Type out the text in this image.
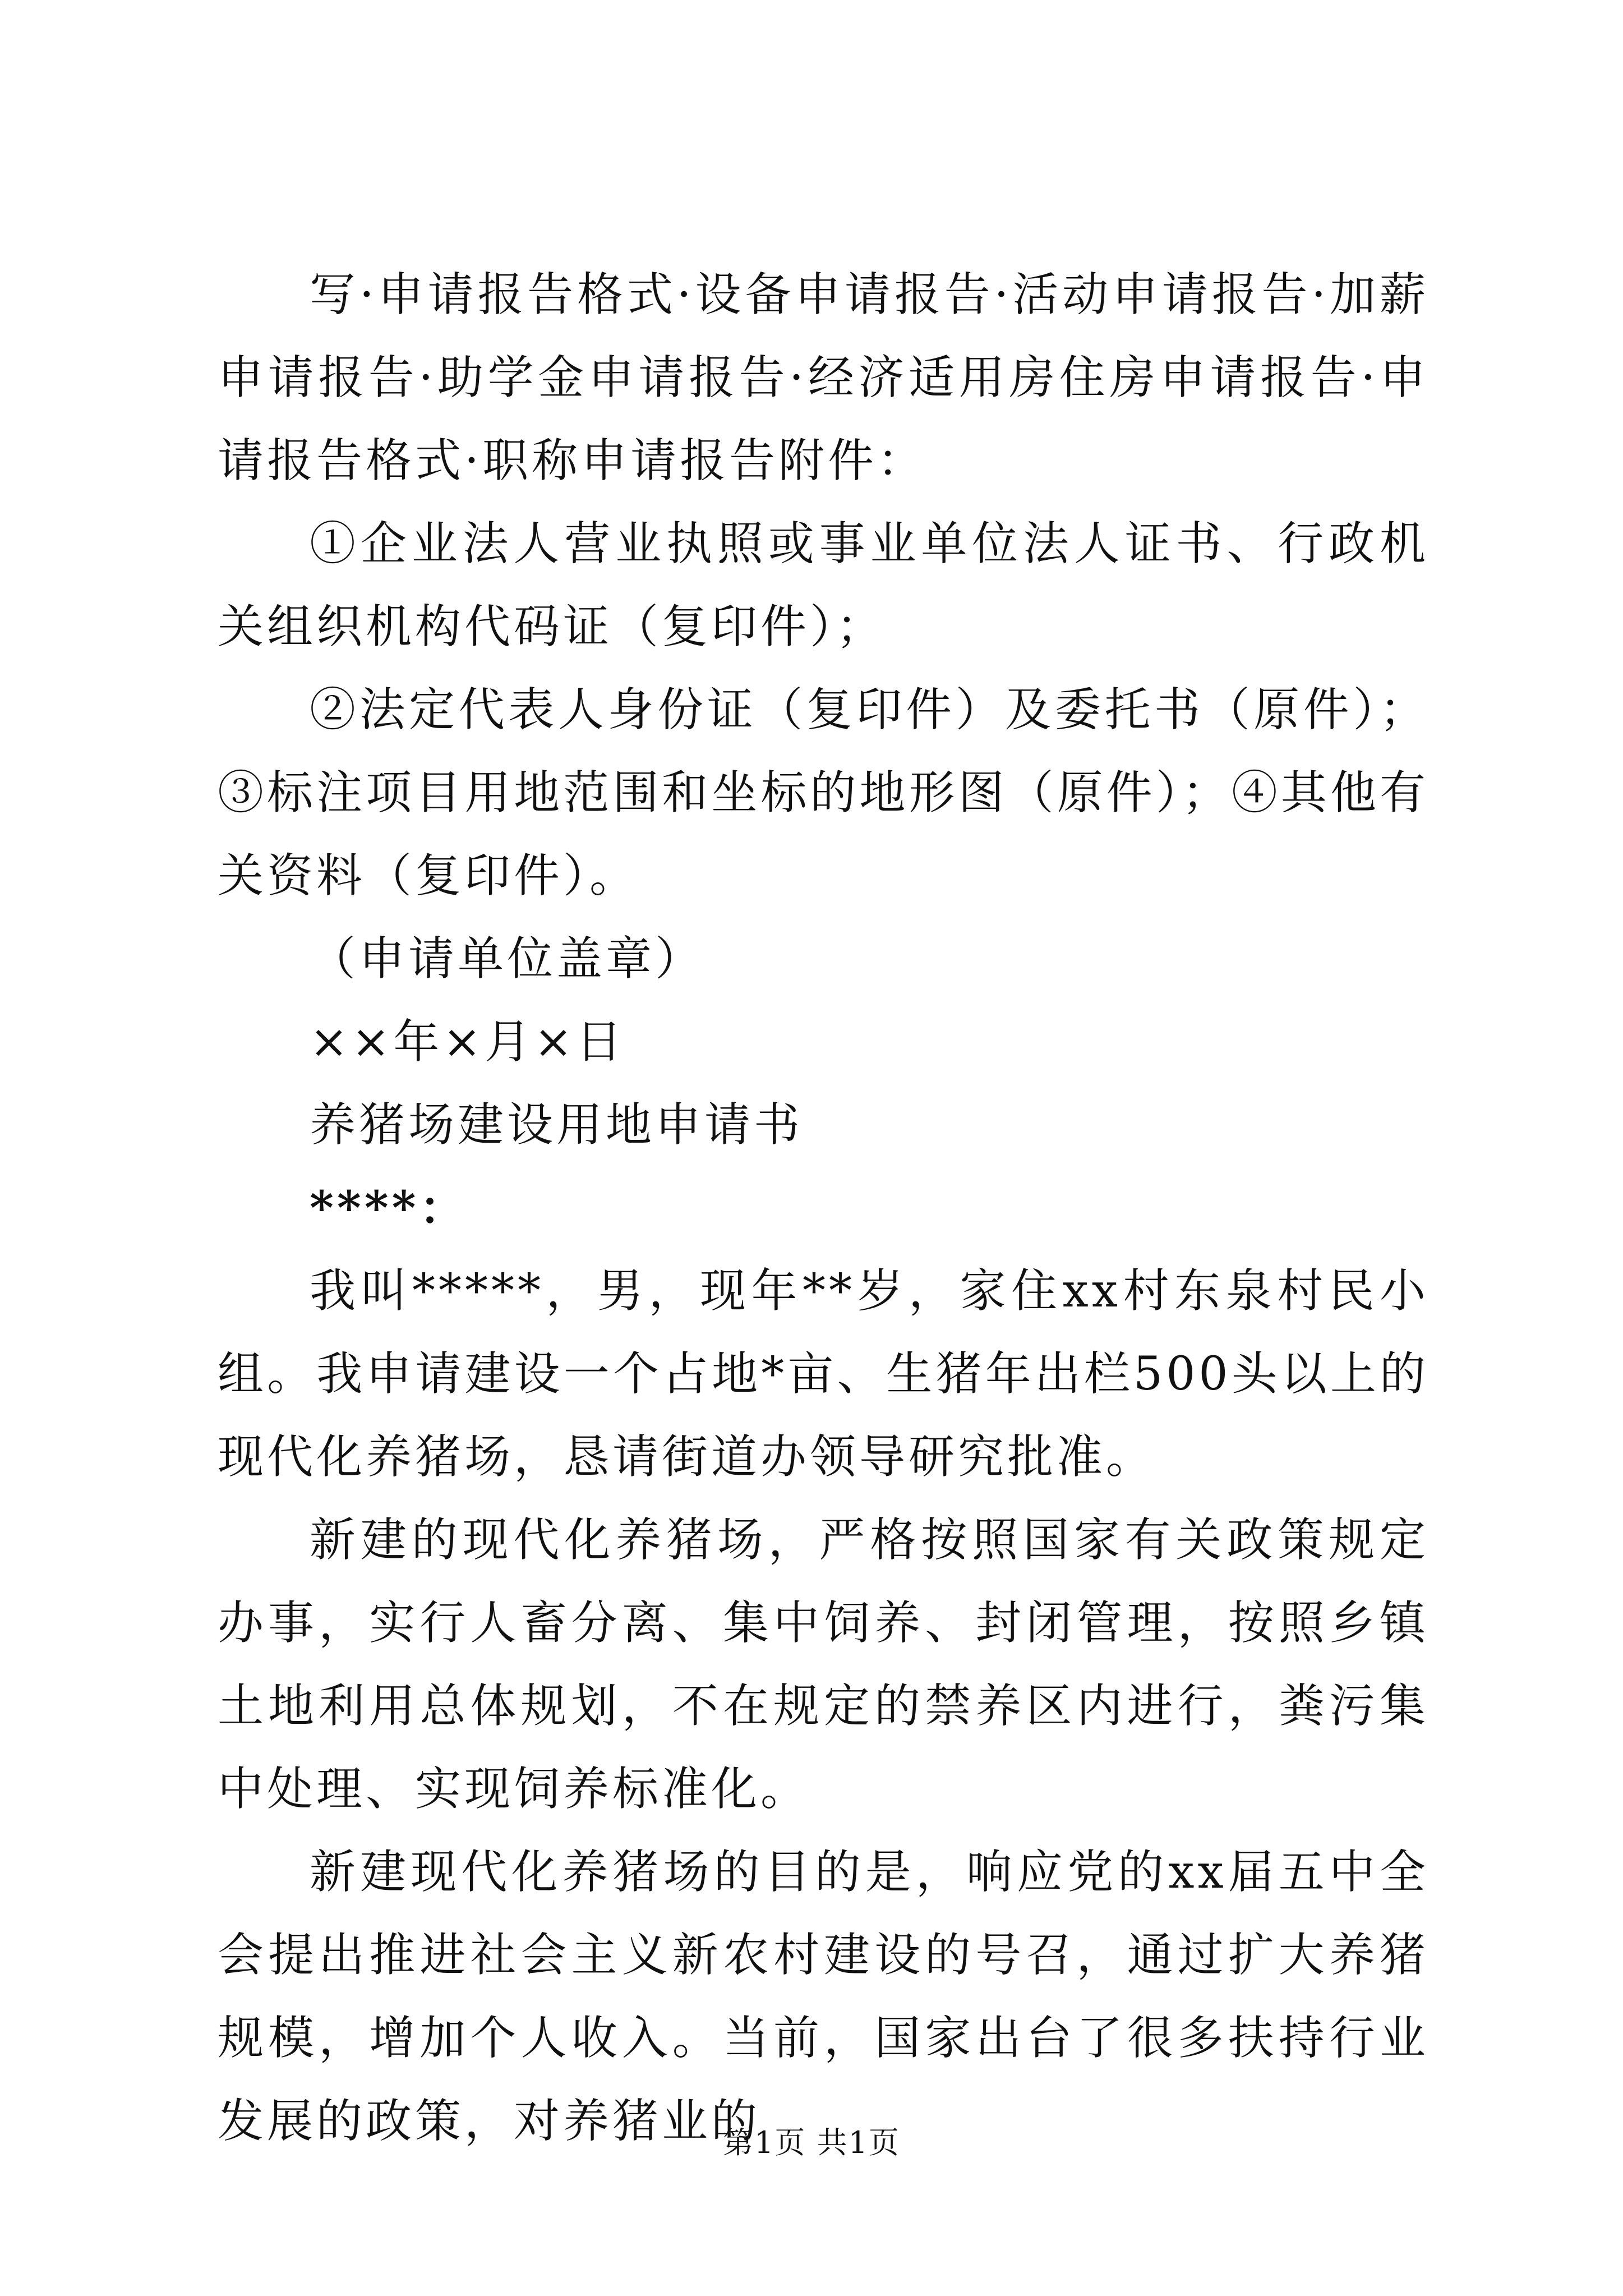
写·申请报告格式·设备申请报告·活动申请报告·加薪申请报告·助学金申请报告·经济适用房住房申请报告·申请报告格式·职称申请报告附件：

①企业法人营业执照或事业单位法人证书、行政机关组织机构代码证（复印件）；

②法定代表人身份证（复印件）及委托书（原件）；③标注项目用地范围和坐标的地形图（原件）；④其他有关资料（复印件）。

（申请单位盖章）

××年×月×日

养猪场建设用地申请书

****：

我叫*****，男，现年**岁，家住xx村东泉村民小组。我申请建设一个占地*亩、生猪年出栏500头以上的现代化养猪场，恳请街道办领导研究批准。

新建的现代化养猪场，严格按照国家有关政策规定办事，实行人畜分离、集中饲养、封闭管理，按照乡镇土地利用总体规划，不在规定的禁养区内进行，粪污集中处理、实现饲养标准化。

新建现代化养猪场的目的是，响应党的xx届五中全会提出推进社会主义新农村建设的号召，通过扩大养猪规模，增加个人收入。当前，国家出台了很多扶持行业发展的政策，对养猪业的

第1页 共1页
